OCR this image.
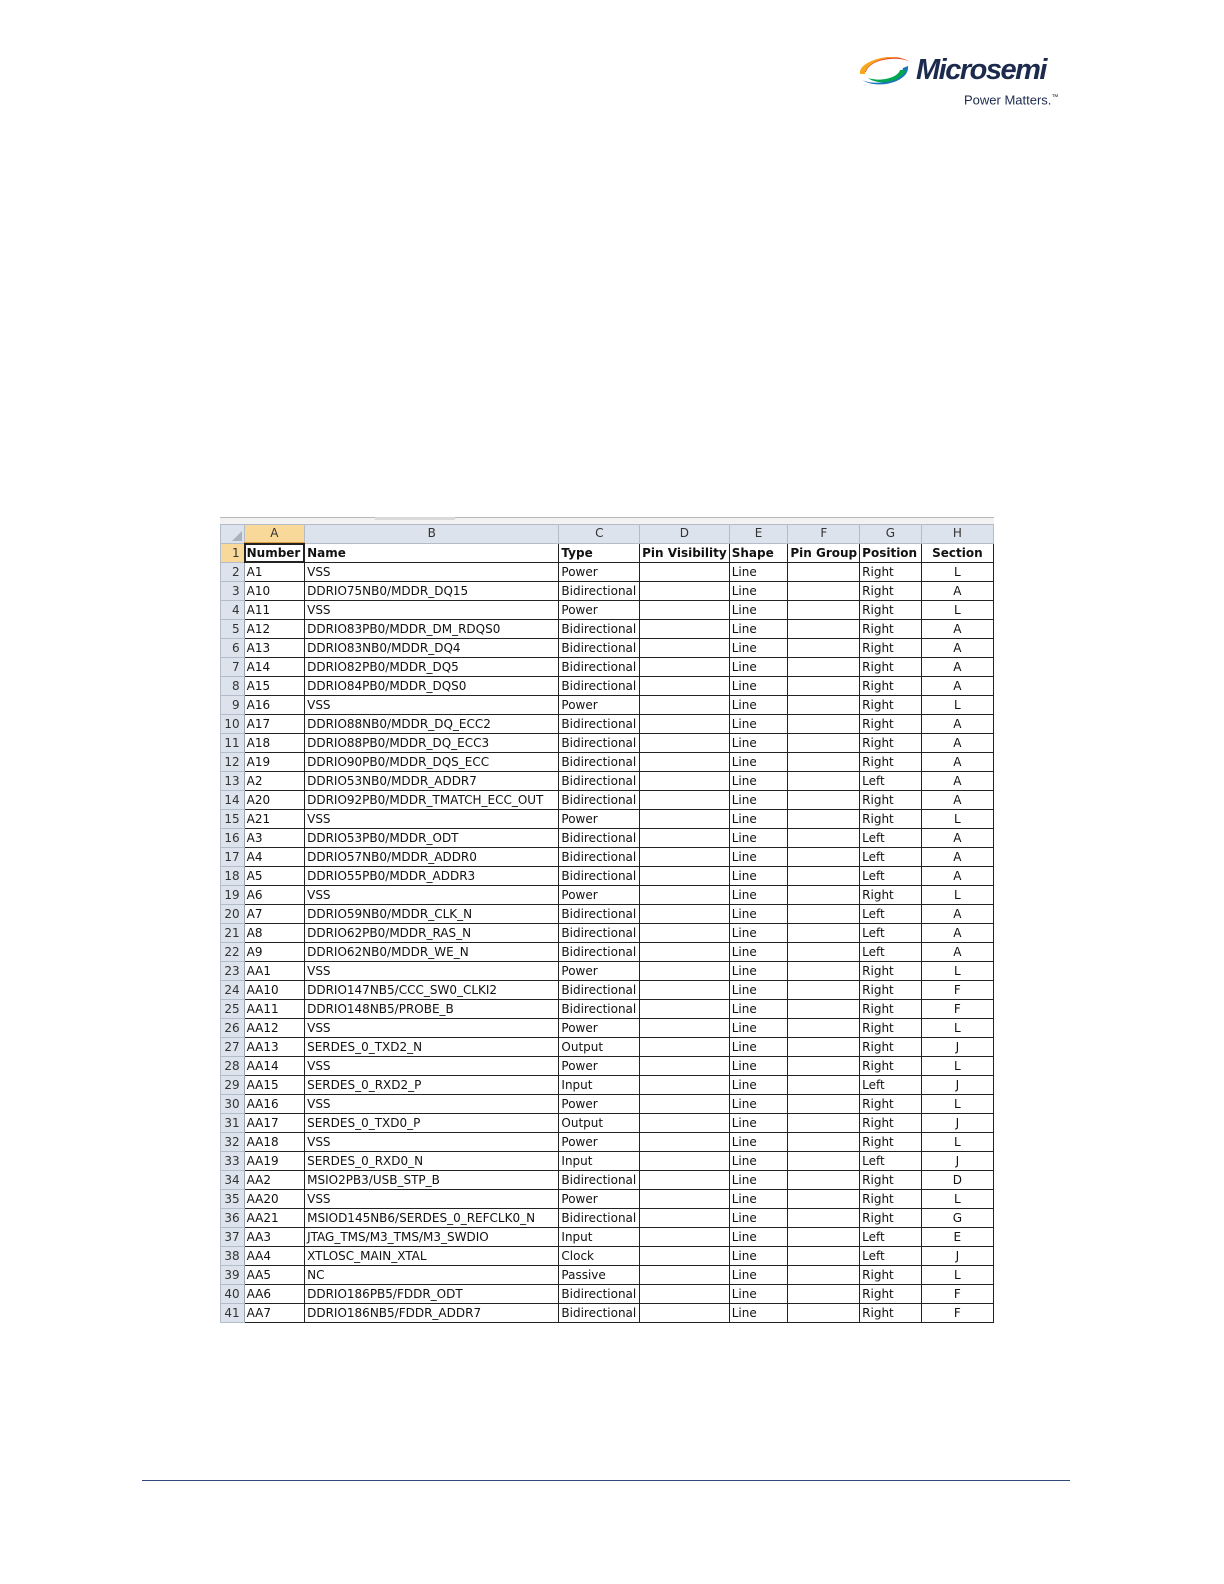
Microsemi
Power Matters.™
	A	B	C	D	E	F	G	H
1	Number	Name	Type	Pin Visibility	Shape	Pin Group	Position	Section
2	A1	VSS	Power		Line		Right	L
3	A10	DDRIO75NB0/MDDR_DQ15	Bidirectional		Line		Right	A
4	A11	VSS	Power		Line		Right	L
5	A12	DDRIO83PB0/MDDR_DM_RDQS0	Bidirectional		Line		Right	A
6	A13	DDRIO83NB0/MDDR_DQ4	Bidirectional		Line		Right	A
7	A14	DDRIO82PB0/MDDR_DQ5	Bidirectional		Line		Right	A
8	A15	DDRIO84PB0/MDDR_DQS0	Bidirectional		Line		Right	A
9	A16	VSS	Power		Line		Right	L
10	A17	DDRIO88NB0/MDDR_DQ_ECC2	Bidirectional		Line		Right	A
11	A18	DDRIO88PB0/MDDR_DQ_ECC3	Bidirectional		Line		Right	A
12	A19	DDRIO90PB0/MDDR_DQS_ECC	Bidirectional		Line		Right	A
13	A2	DDRIO53NB0/MDDR_ADDR7	Bidirectional		Line		Left	A
14	A20	DDRIO92PB0/MDDR_TMATCH_ECC_OUT	Bidirectional		Line		Right	A
15	A21	VSS	Power		Line		Right	L
16	A3	DDRIO53PB0/MDDR_ODT	Bidirectional		Line		Left	A
17	A4	DDRIO57NB0/MDDR_ADDR0	Bidirectional		Line		Left	A
18	A5	DDRIO55PB0/MDDR_ADDR3	Bidirectional		Line		Left	A
19	A6	VSS	Power		Line		Right	L
20	A7	DDRIO59NB0/MDDR_CLK_N	Bidirectional		Line		Left	A
21	A8	DDRIO62PB0/MDDR_RAS_N	Bidirectional		Line		Left	A
22	A9	DDRIO62NB0/MDDR_WE_N	Bidirectional		Line		Left	A
23	AA1	VSS	Power		Line		Right	L
24	AA10	DDRIO147NB5/CCC_SW0_CLKI2	Bidirectional		Line		Right	F
25	AA11	DDRIO148NB5/PROBE_B	Bidirectional		Line		Right	F
26	AA12	VSS	Power		Line		Right	L
27	AA13	SERDES_0_TXD2_N	Output		Line		Right	J
28	AA14	VSS	Power		Line		Right	L
29	AA15	SERDES_0_RXD2_P	Input		Line		Left	J
30	AA16	VSS	Power		Line		Right	L
31	AA17	SERDES_0_TXD0_P	Output		Line		Right	J
32	AA18	VSS	Power		Line		Right	L
33	AA19	SERDES_0_RXD0_N	Input		Line		Left	J
34	AA2	MSIO2PB3/USB_STP_B	Bidirectional		Line		Right	D
35	AA20	VSS	Power		Line		Right	L
36	AA21	MSIOD145NB6/SERDES_0_REFCLK0_N	Bidirectional		Line		Right	G
37	AA3	JTAG_TMS/M3_TMS/M3_SWDIO	Input		Line		Left	E
38	AA4	XTLOSC_MAIN_XTAL	Clock		Line		Left	J
39	AA5	NC	Passive		Line		Right	L
40	AA6	DDRIO186PB5/FDDR_ODT	Bidirectional		Line		Right	F
41	AA7	DDRIO186NB5/FDDR_ADDR7	Bidirectional		Line		Right	F
